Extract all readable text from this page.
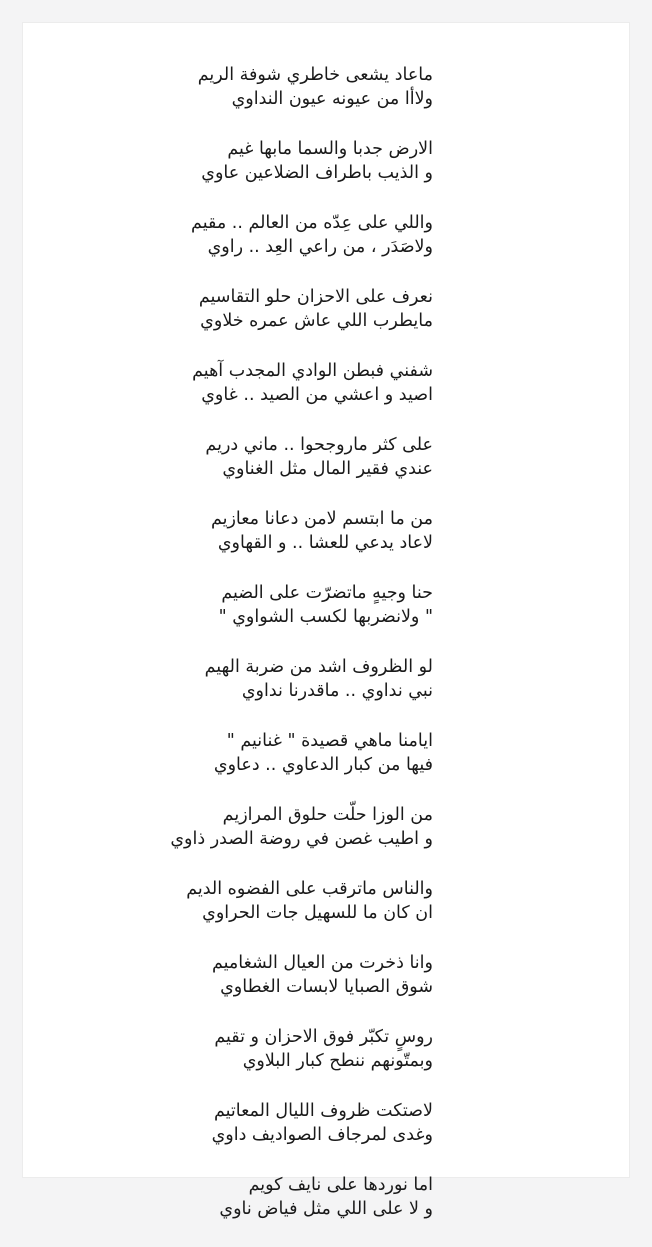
ماعاد يشعى خاطري شوفة الريم
ولاأا من عيونه عيون النداوي
الارض جدبا والسما مابها غيم
و الذيب باطراف الضلاعين عاوي
واللي على عِدّه من العالم .. مقيم
ولاصَدَر ، من راعي العِد .. راوي
نعرف على الاحزان حلو التقاسيم
مايطرب اللي عاش عمره خلاوي
شفني فبطن الوادي المجدب آهيم
اصيد و اعشي من الصيد .. غاوي
على كثر ماروجحوا .. ماني دريم
عندي فقير المال مثل الغناوي
من ما ابتسم لامن دعانا معازيم
لاعاد يدعي للعشا .. و القهاوي
حنا وجيهٍ ماتضرّت على الضيم
" ولانضربها لكسب الشواوي "
لو الظروف اشد من ضربة الهيم
نبي نداوي .. ماقدرنا نداوي
ايامنا ماهي قصيدة " غنانيم "
فيها من كبار الدعاوي .. دعاوي
من الوزا حلّت حلوق المرازيم
و اطيب غصن في روضة الصدر ذاوي
والناس ماترقب على الفضوه الديم
ان كان ما للسهيل جات الحراوي
وانا ذخرت من العيال الشغاميم
شوق الصبايا لابسات الغطاوي
روسٍ تكبّر فوق الاحزان و تقيم
وبمتّونهم ننطح كبار البلاوي
لاصتكت ظروف الليال المعاتيم
وغدى لمرجاف الصواديف داوي
اما نوردها على نايف كويم
و لا على اللي مثل فياض ناوي
